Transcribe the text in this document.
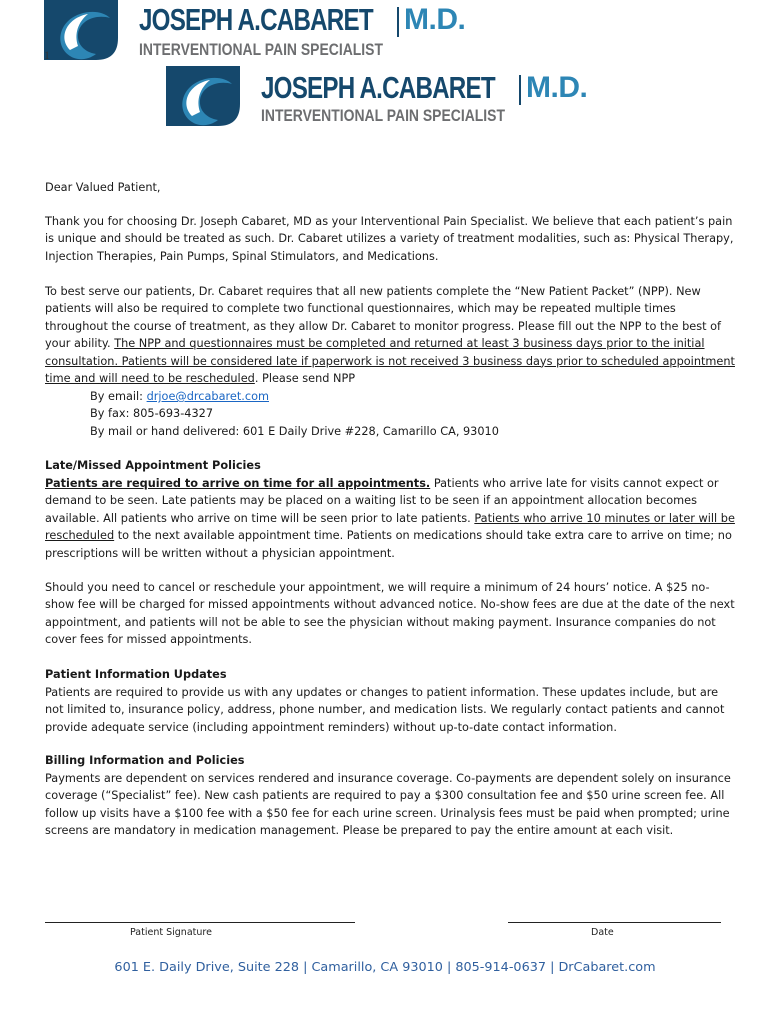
JOSEPH A.CABARET M.D.
INTERVENTIONAL PAIN SPECIALIST
1
JOSEPH A.CABARET M.D.
INTERVENTIONAL PAIN SPECIALIST

Dear Valued Patient,

Thank you for choosing Dr. Joseph Cabaret, MD as your Interventional Pain Specialist. We believe that each patient’s pain is unique and should be treated as such. Dr. Cabaret utilizes a variety of treatment modalities, such as: Physical Therapy, Injection Therapies, Pain Pumps, Spinal Stimulators, and Medications.

To best serve our patients, Dr. Cabaret requires that all new patients complete the “New Patient Packet” (NPP). New patients will also be required to complete two functional questionnaires, which may be repeated multiple times throughout the course of treatment, as they allow Dr. Cabaret to monitor progress. Please fill out the NPP to the best of your ability. The NPP and questionnaires must be completed and returned at least 3 business days prior to the initial consultation. Patients will be considered late if paperwork is not received 3 business days prior to scheduled appointment time and will need to be rescheduled. Please send NPP

By email: drjoe@drcabaret.com
By fax: 805-693-4327
By mail or hand delivered: 601 E Daily Drive #228, Camarillo CA, 93010

Late/Missed Appointment Policies

Patients are required to arrive on time for all appointments. Patients who arrive late for visits cannot expect or demand to be seen. Late patients may be placed on a waiting list to be seen if an appointment allocation becomes available. All patients who arrive on time will be seen prior to late patients. Patients who arrive 10 minutes or later will be rescheduled to the next available appointment time. Patients on medications should take extra care to arrive on time; no prescriptions will be written without a physician appointment.

Should you need to cancel or reschedule your appointment, we will require a minimum of 24 hours’ notice. A $25 no-show fee will be charged for missed appointments without advanced notice. No-show fees are due at the date of the next appointment, and patients will not be able to see the physician without making payment. Insurance companies do not cover fees for missed appointments.

Patient Information Updates

Patients are required to provide us with any updates or changes to patient information. These updates include, but are not limited to, insurance policy, address, phone number, and medication lists. We regularly contact patients and cannot provide adequate service (including appointment reminders) without up-to-date contact information.

Billing Information and Policies

Payments are dependent on services rendered and insurance coverage. Co-payments are dependent solely on insurance coverage (“Specialist” fee). New cash patients are required to pay a $300 consultation fee and $50 urine screen fee. All follow up visits have a $100 fee with a $50 fee for each urine screen. Urinalysis fees must be paid when prompted; urine screens are mandatory in medication management. Please be prepared to pay the entire amount at each visit.

Patient Signature	Date
601 E. Daily Drive, Suite 228 | Camarillo, CA 93010 | 805-914-0637 | DrCabaret.com
